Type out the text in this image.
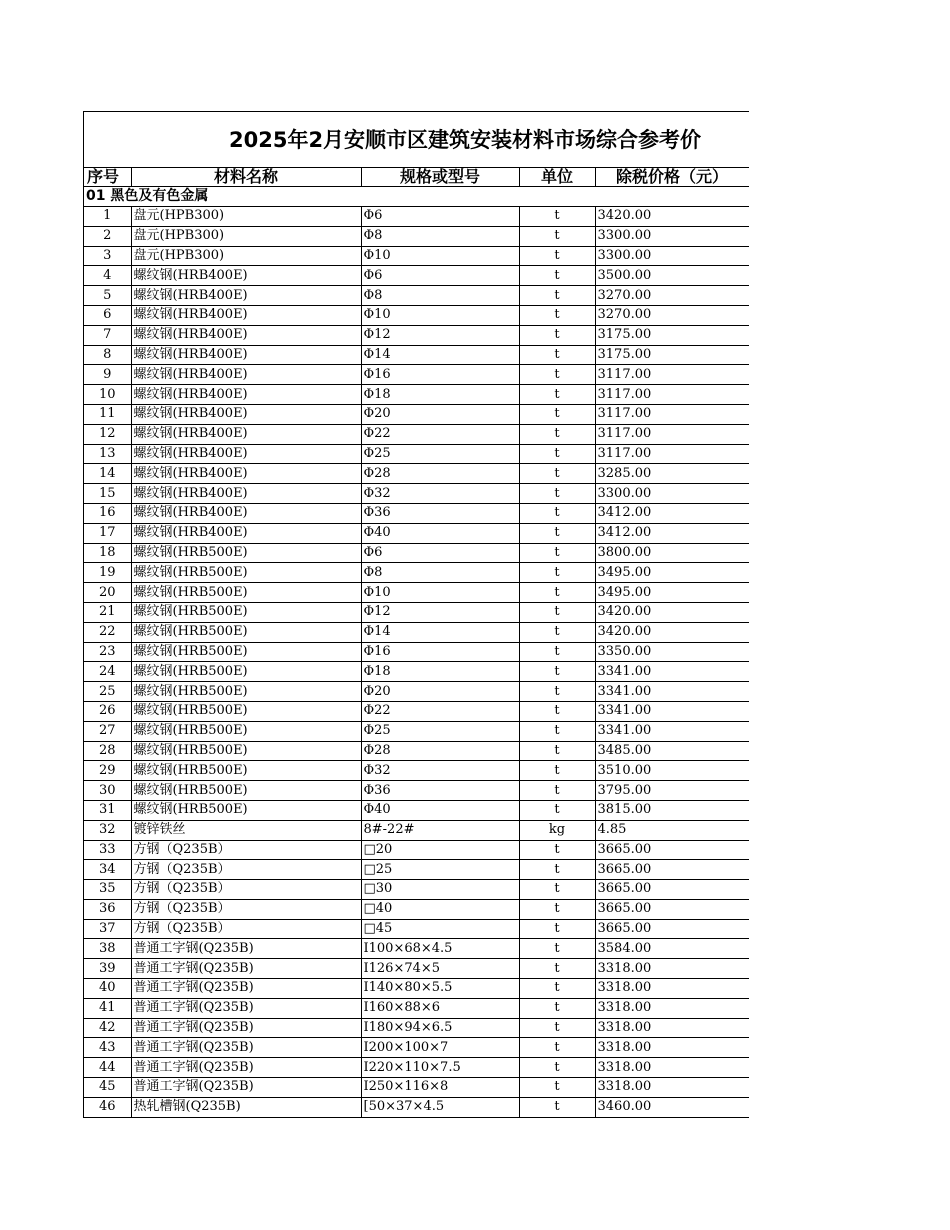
2025年2月安顺市区建筑安装材料市场综合参考价
序号	材料名称	规格或型号	单位	除税价格（元）
01 黑色及有色金属				
1	盘元(HPB300)	Φ6	t	3420.00
2	盘元(HPB300)	Φ8	t	3300.00
3	盘元(HPB300)	Φ10	t	3300.00
4	螺纹钢(HRB400E)	Φ6	t	3500.00
5	螺纹钢(HRB400E)	Φ8	t	3270.00
6	螺纹钢(HRB400E)	Φ10	t	3270.00
7	螺纹钢(HRB400E)	Φ12	t	3175.00
8	螺纹钢(HRB400E)	Φ14	t	3175.00
9	螺纹钢(HRB400E)	Φ16	t	3117.00
10	螺纹钢(HRB400E)	Φ18	t	3117.00
11	螺纹钢(HRB400E)	Φ20	t	3117.00
12	螺纹钢(HRB400E)	Φ22	t	3117.00
13	螺纹钢(HRB400E)	Φ25	t	3117.00
14	螺纹钢(HRB400E)	Φ28	t	3285.00
15	螺纹钢(HRB400E)	Φ32	t	3300.00
16	螺纹钢(HRB400E)	Φ36	t	3412.00
17	螺纹钢(HRB400E)	Φ40	t	3412.00
18	螺纹钢(HRB500E)	Φ6	t	3800.00
19	螺纹钢(HRB500E)	Φ8	t	3495.00
20	螺纹钢(HRB500E)	Φ10	t	3495.00
21	螺纹钢(HRB500E)	Φ12	t	3420.00
22	螺纹钢(HRB500E)	Φ14	t	3420.00
23	螺纹钢(HRB500E)	Φ16	t	3350.00
24	螺纹钢(HRB500E)	Φ18	t	3341.00
25	螺纹钢(HRB500E)	Φ20	t	3341.00
26	螺纹钢(HRB500E)	Φ22	t	3341.00
27	螺纹钢(HRB500E)	Φ25	t	3341.00
28	螺纹钢(HRB500E)	Φ28	t	3485.00
29	螺纹钢(HRB500E)	Φ32	t	3510.00
30	螺纹钢(HRB500E)	Φ36	t	3795.00
31	螺纹钢(HRB500E)	Φ40	t	3815.00
32	镀锌铁丝	8#-22#	kg	4.85
33	方钢（Q235B）	□20	t	3665.00
34	方钢（Q235B）	□25	t	3665.00
35	方钢（Q235B）	□30	t	3665.00
36	方钢（Q235B）	□40	t	3665.00
37	方钢（Q235B）	□45	t	3665.00
38	普通工字钢(Q235B)	I100×68×4.5	t	3584.00
39	普通工字钢(Q235B)	I126×74×5	t	3318.00
40	普通工字钢(Q235B)	I140×80×5.5	t	3318.00
41	普通工字钢(Q235B)	I160×88×6	t	3318.00
42	普通工字钢(Q235B)	I180×94×6.5	t	3318.00
43	普通工字钢(Q235B)	I200×100×7	t	3318.00
44	普通工字钢(Q235B)	I220×110×7.5	t	3318.00
45	普通工字钢(Q235B)	I250×116×8	t	3318.00
46	热轧槽钢(Q235B)	[50×37×4.5	t	3460.00
